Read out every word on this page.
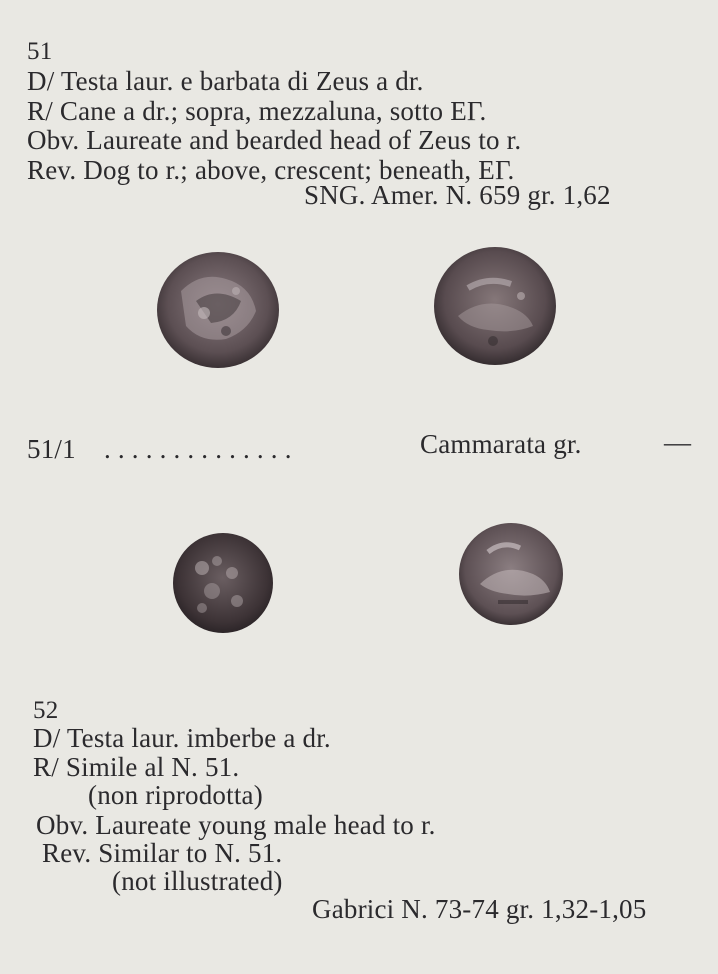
51
D/ Testa laur. e barbata di Zeus a dr.
R/ Cane a dr.; sopra, mezzaluna, sotto ΕΓ.
Obv. Laureate and bearded head of Zeus to r.
Rev. Dog to r.; above, crescent; beneath, ΕΓ.
SNG. Amer. N. 659 gr. 1,62
51/1 . . . . . . . . . . . . . .	Cammarata gr.	—
52
D/ Testa laur. imberbe a dr.
R/ Simile al N. 51.
(non riprodotta)
Obv. Laureate young male head to r.
Rev. Similar to N. 51.
(not illustrated)
Gabrici N. 73-74 gr. 1,32-1,05
